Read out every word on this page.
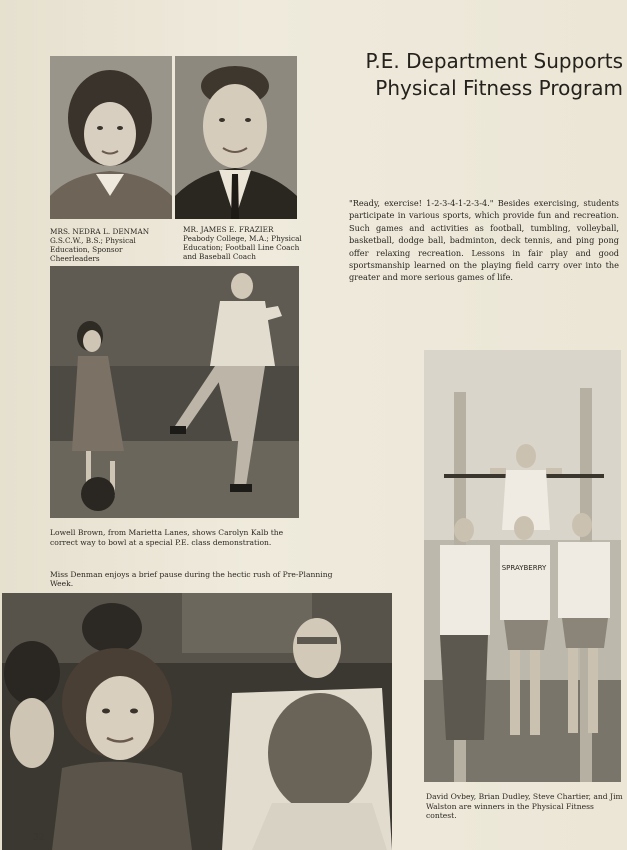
MRS. NEDRA L. DENMAN
G.S.C.W., B.S.; Physical Education, Sponsor Cheerleaders

MR. JAMES E. FRAZIER
Peabody College, M.A.; Physical Education; Football Line Coach and Baseball Coach

P.E. Department Supports
Physical Fitness Program

"Ready, exercise! 1-2-3-4-1-2-3-4." Besides exercising, students participate in various sports, which provide fun and recreation. Such games and activities as football, tumbling, volleyball, basketball, dodge ball, badminton, deck tennis, and ping pong offer relaxing recreation. Lessons in fair play and good sportsmanship learned on the playing field carry over into the greater and more serious games of life.

Lowell Brown, from Marietta Lanes, shows Carolyn Kalb the correct way to bowl at a special P.E. class demonstration.

Miss Denman enjoys a brief pause during the hectic rush of Pre-Planning Week.

SPRAYBERRY

David Ovbey, Brian Dudley, Steve Chartier, and Jim Walston are winners in the Physical Fitness contest.

32
